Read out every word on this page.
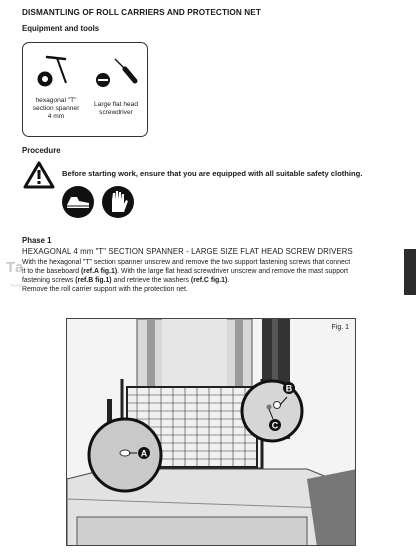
DISMANTLING OF ROLL CARRIERS AND PROTECTION NET
Equipment and tools
hexagonal "T"
section spanner
4 mm
Large flat head
screwdriver
Procedure
Before starting work, ensure that you are equipped with all suitable safety clothing.
Phase 1
HEXAGONAL 4 mm "T" SECTION SPANNER - LARGE SIZE FLAT HEAD SCREW DRIVERS
With the hexagonal "T" section spanner unscrew and remove the two support fastening screws that connect
it to the baseboard (ref.A fig.1). With the large flat head screwdriver unscrew and remove the mast support
fastening screws (ref.B fig.1) and retrieve the washers (ref.C fig.1).
Remove the roll carrier support with the protection net.
Ta
Trucks
A
B
C
Fig. 1
